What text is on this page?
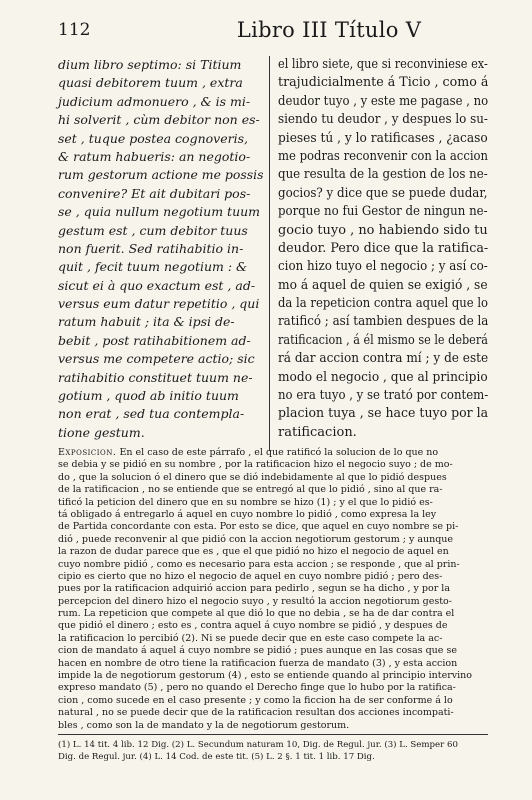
112	Libro III Título V
dium libro septimo: si Titium
quasi debitorem tuum , extra
judicium admonuero , & is mi-
hi solverit , cùm debitor non es-
set , tuque postea cognoveris,
& ratum habueris: an negotio-
rum gestorum actione me possis
convenire? Et ait dubitari pos-
se , quia nullum negotium tuum
gestum est , cum debitor tuus
non fuerit. Sed ratihabitio in-
quit , fecit tuum negotium : &
sicut ei à quo exactum est , ad-
versus eum datur repetitio , qui
ratum habuit ; ita & ipsi de-
bebit , post ratihabitionem ad-
versus me competere actio; sic
ratihabitio constituet tuum ne-
gotium , quod ab initio tuum
non erat , sed tua contempla-
tione gestum.
el libro siete, que si reconviniese ex-
trajudicialmente á Ticio , como á
deudor tuyo , y este me pagase , no
siendo tu deudor , y despues lo su-
pieses tú , y lo ratificases , ¿acaso
me podras reconvenir con la accion
que resulta de la gestion de los ne-
gocios? y dice que se puede dudar,
porque no fui Gestor de ningun ne-
gocio tuyo , no habiendo sido tu
deudor. Pero dice que la ratifica-
cion hizo tuyo el negocio ; y así co-
mo á aquel de quien se exigió , se
da la repeticion contra aquel que lo
ratificó ; así tambien despues de la
ratificacion , á él mismo se le deberá
rá dar accion contra mí ; y de este
modo el negocio , que al principio
no era tuyo , y se trató por contem-
placion tuya , se hace tuyo por la
ratificacion.
Exposicion. En el caso de este párrafo , el que ratificó la solucion de lo que no
se debia y se pidió en su nombre , por la ratificacion hizo el negocio suyo ; de mo-
do , que la solucion ó el dinero que se dió indebidamente al que lo pidió despues
de la ratificacion , no se entiende que se entregó al que lo pidió , sino al que ra-
tificó la peticion del dinero que en su nombre se hizo (1) ; y el que lo pidió es-
tá obligado á entregarlo á aquel en cuyo nombre lo pidió , como expresa la ley
de Partida concordante con esta. Por esto se dice, que aquel en cuyo nombre se pi-
dió , puede reconvenir al que pidió con la accion negotiorum gestorum ; y aunque
la razon de dudar parece que es , que el que pidió no hizo el negocio de aquel en
cuyo nombre pidió , como es necesario para esta accion ; se responde , que al prin-
cipio es cierto que no hizo el negocio de aquel en cuyo nombre pidió ; pero des-
pues por la ratificacion adquirió accion para pedirlo , segun se ha dicho , y por la
percepcion del dinero hizo el negocio suyo , y resultó la accion negotiorum gesto-
rum. La repeticion que compete al que dió lo que no debia , se ha de dar contra el
que pidió el dinero ; esto es , contra aquel á cuyo nombre se pidió , y despues de
la ratificacion lo percibió (2). Ni se puede decir que en este caso compete la ac-
cion de mandato á aquel á cuyo nombre se pidió ; pues aunque en las cosas que se
hacen en nombre de otro tiene la ratificacion fuerza de mandato (3) , y esta accion
impide la de negotiorum gestorum (4) , esto se entiende quando al principio intervino
expreso mandato (5) , pero no quando el Derecho finge que lo hubo por la ratifica-
cion , como sucede en el caso presente ; y como la ficcion ha de ser conforme á lo
natural , no se puede decir que de la ratificacion resultan dos acciones incompati-
bles , como son la de mandato y la de negotiorum gestorum.
(1) L. 14 tit. 4 lib. 12 Dig. (2) L. Secundum naturam 10, Dig. de Regul. jur. (3) L. Semper 60
Dig. de Regul. jur. (4) L. 14 Cod. de este tit. (5) L. 2 §. 1 tit. 1 lib. 17 Dig.
